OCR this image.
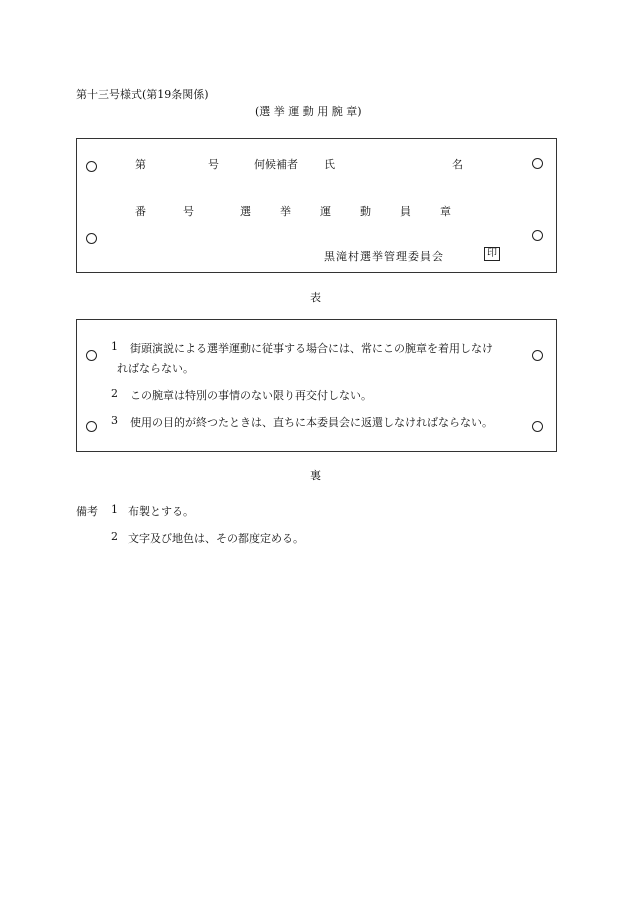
第十三号様式(第19条関係)
(選 挙 運 動 用 腕 章)
第	号	何候補者 氏	名
番	号	選	挙	運	動	員	章
黒滝村選挙管理委員会	印
表
1 街頭演説による選挙運動に従事する場合には、常にこの腕章を着用しなけ
ればならない。
2 この腕章は特別の事情のない限り再交付しない。
3 使用の目的が終つたときは、直ちに本委員会に返還しなければならない。
裏
備考 1 布製とする。
2 文字及び地色は、その都度定める。
